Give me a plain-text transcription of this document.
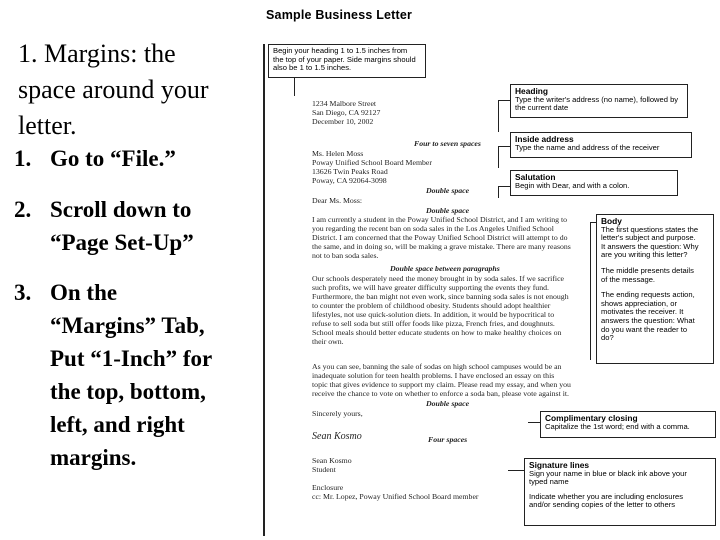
1. Margins: the
space around your
letter.
1. Go to “File.”
2. Scroll down to
“Page Set-Up”
3. On the
“Margins” Tab,
Put “1-Inch” for
the top, bottom,
left, and right
margins.
Sample Business Letter

Begin your heading 1 to 1.5 inches from

the top of your paper. Side margins should

also be 1 to 1.5 inches.

1234 Malbore Street
San Diego, CA 92127
December 10, 2002
Four to seven spaces
Ms. Helen Moss
Poway Unified School Board Member
13626 Twin Peaks Road
Poway, CA 92064-3098
Double space
Dear Ms. Moss:
Double space
I am currently a student in the Poway Unified School District, and I am writing to
you regarding the recent ban on soda sales in the Los Angeles Unified School
District. I am concerned that the Poway Unified School District will attempt to do
the same, and in doing so, will be making a grave mistake. There are many reasons
not to ban soda sales.
Double space between paragraphs
Our schools desperately need the money brought in by soda sales. If we sacrifice
such profits, we will have greater difficulty supporting the events they fund.
Furthermore, the ban might not even work, since banning soda sales is not enough
to counter the problem of childhood obesity. Students should adopt healthier
lifestyles, not use quick-solution diets. In addition, it would be hypocritical to
refuse to sell soda but still offer foods like pizza, French fries, and doughnuts.
School meals should better educate students on how to make healthy choices on
their own.
As you can see, banning the sale of sodas on high school campuses would be an
inadequate solution for teen health problems. I have enclosed an essay on this
topic that gives evidence to support my claim. Please read my essay, and when you
receive the chance to vote on whether to enforce a soda ban, please vote against it.
Double space
Sincerely yours,
Sean Kosmo	Four spaces
Sean Kosmo
Student
Enclosure
cc: Mr. Lopez, Poway Unified School Board member

Heading

Type the writer's address (no name), followed by

the current date

Inside address

Type the name and address of the receiver

Salutation

Begin with Dear, and with a colon.

Body

The first questions states the

letter's subject and purpose.

It answers the question: Why

are you writing this letter?

The middle presents details

of the message.

The ending requests action,

shows appreciation, or

motivates the receiver. It

answers the question: What

do you want the reader to

do?

Complimentary closing

Capitalize the 1st word; end with a comma.

Signature lines

Sign your name in blue or black ink above your

typed name

Indicate whether you are including enclosures

and/or sending copies of the letter to others
